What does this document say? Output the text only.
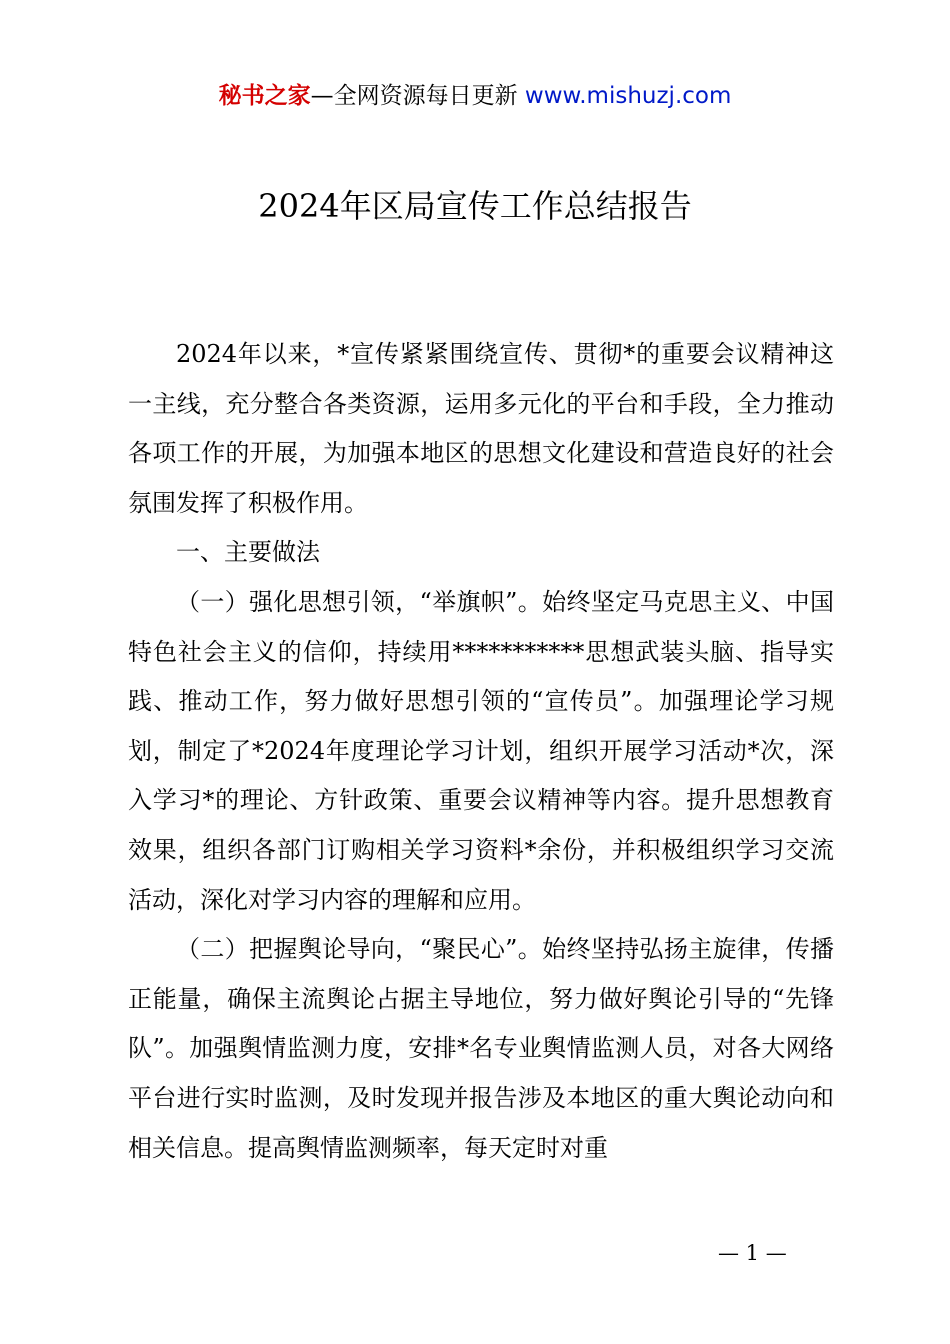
秘书之家—全网资源每日更新 www.mishuzj.com
2024年区局宣传工作总结报告

2024年以来，*宣传紧紧围绕宣传、贯彻*的重要会议精神这一主线，充分整合各类资源，运用多元化的平台和手段，全力推动各项工作的开展，为加强本地区的思想文化建设和营造良好的社会氛围发挥了积极作用。

一、主要做法

（一）强化思想引领，“举旗帜”。始终坚定马克思主义、中国特色社会主义的信仰，持续用***********思想武装头脑、指导实践、推动工作，努力做好思想引领的“宣传员”。加强理论学习规划，制定了*2024年度理论学习计划，组织开展学习活动*次，深入学习*的理论、方针政策、重要会议精神等内容。提升思想教育效果，组织各部门订购相关学习资料*余份，并积极组织学习交流活动，深化对学习内容的理解和应用。

（二）把握舆论导向，“聚民心”。始终坚持弘扬主旋律，传播正能量，确保主流舆论占据主导地位，努力做好舆论引导的“先锋队”。加强舆情监测力度，安排*名专业舆情监测人员，对各大网络平台进行实时监测，及时发现并报告涉及本地区的重大舆论动向和相关信息。提高舆情监测频率，每天定时对重

— 1 —
